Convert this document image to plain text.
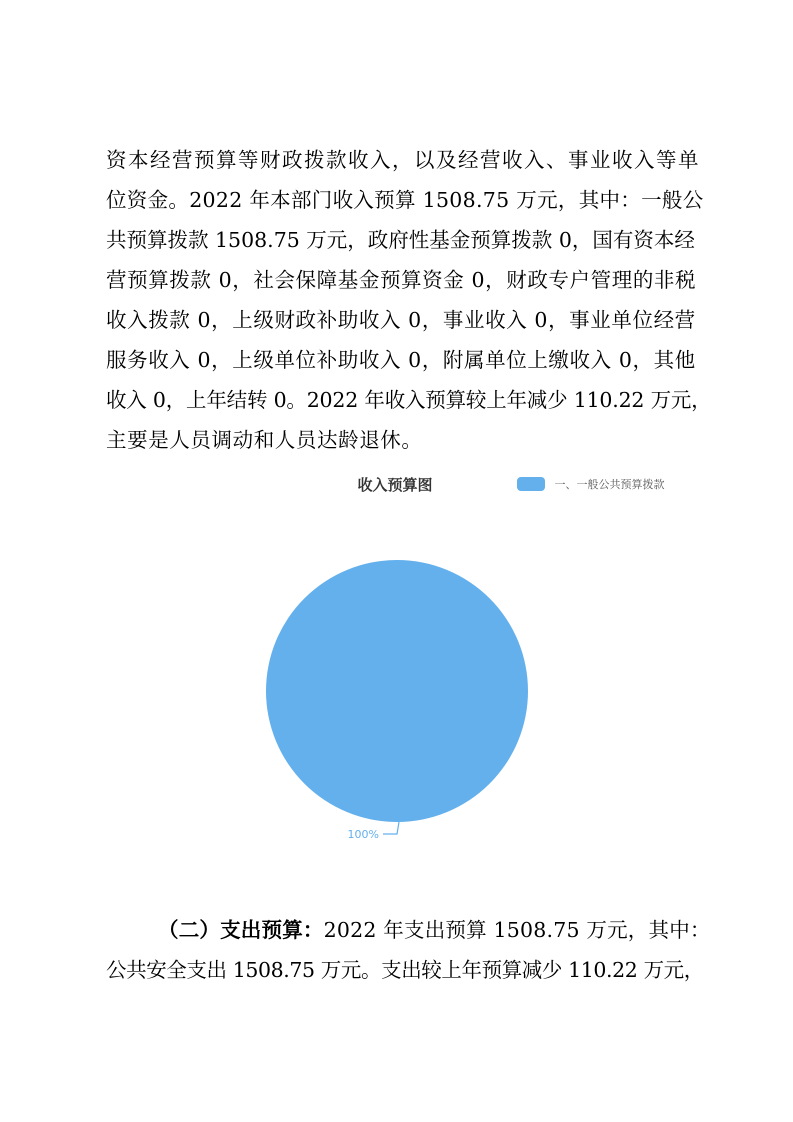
资本经营预算等财政拨款收入，以及经营收入、事业收入等单
位资金。2022 年本部门收入预算 1508.75 万元，其中：一般公
共预算拨款 1508.75 万元，政府性基金预算拨款 0，国有资本经
营预算拨款 0，社会保障基金预算资金 0，财政专户管理的非税
收入拨款 0，上级财政补助收入 0，事业收入 0，事业单位经营
服务收入 0，上级单位补助收入 0，附属单位上缴收入 0，其他
收入 0，上年结转 0。2022 年收入预算较上年减少 110.22 万元，
主要是人员调动和人员达龄退休。
收入预算图	一、一般公共预算拨款
100%
（二）支出预算：2022 年支出预算 1508.75 万元，其中：
公共安全支出 1508.75 万元。支出较上年预算减少 110.22 万元，
